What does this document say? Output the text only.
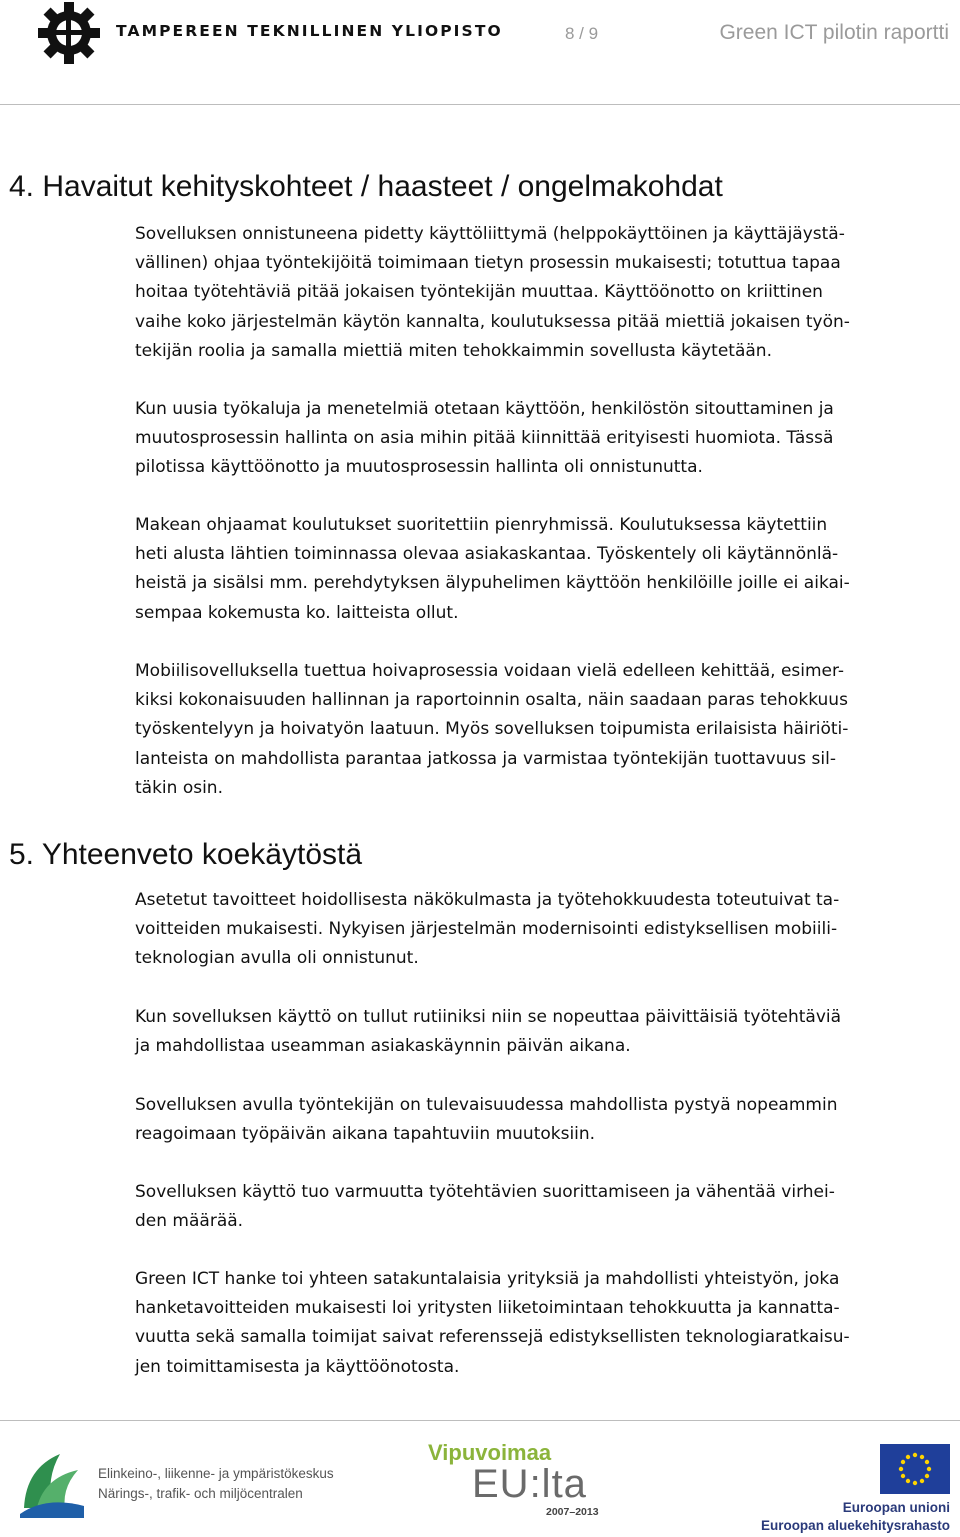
TAMPEREEN TEKNILLINEN YLIOPISTO	8 / 9	Green ICT pilotin raportti
4. Havaitut kehityskohteet / haasteet / ongelmakohdat

Sovelluksen onnistuneena pidetty käyttöliittymä (helppokäyttöinen ja käyttäjäystä-
vällinen) ohjaa työntekijöitä toimimaan tietyn prosessin mukaisesti; totuttua tapaa
hoitaa työtehtäviä pitää jokaisen työntekijän muuttaa. Käyttöönotto on kriittinen
vaihe koko järjestelmän käytön kannalta, koulutuksessa pitää miettiä jokaisen työn-
tekijän roolia ja samalla miettiä miten tehokkaimmin sovellusta käytetään.

Kun uusia työkaluja ja menetelmiä otetaan käyttöön, henkilöstön sitouttaminen ja
muutosprosessin hallinta on asia mihin pitää kiinnittää erityisesti huomiota. Tässä
pilotissa käyttöönotto ja muutosprosessin hallinta oli onnistunutta.

Makean ohjaamat koulutukset suoritettiin pienryhmissä. Koulutuksessa käytettiin
heti alusta lähtien toiminnassa olevaa asiakaskantaa. Työskentely oli käytännönlä-
heistä ja sisälsi mm. perehdytyksen älypuhelimen käyttöön henkilöille joille ei aikai-
sempaa kokemusta ko. laitteista ollut.

Mobiilisovelluksella tuettua hoivaprosessia voidaan vielä edelleen kehittää, esimer-
kiksi kokonaisuuden hallinnan ja raportoinnin osalta, näin saadaan paras tehokkuus
työskentelyyn ja hoivatyön laatuun. Myös sovelluksen toipumista erilaisista häiriöti-
lanteista on mahdollista parantaa jatkossa ja varmistaa työntekijän tuottavuus sil-
täkin osin.

5. Yhteenveto koekäytöstä

Asetetut tavoitteet hoidollisesta näkökulmasta ja työtehokkuudesta toteutuivat ta-
voitteiden mukaisesti. Nykyisen järjestelmän modernisointi edistyksellisen mobiili-
teknologian avulla oli onnistunut.

Kun sovelluksen käyttö on tullut rutiiniksi niin se nopeuttaa päivittäisiä työtehtäviä
ja mahdollistaa useamman asiakaskäynnin päivän aikana.

Sovelluksen avulla työntekijän on tulevaisuudessa mahdollista pystyä nopeammin
reagoimaan työpäivän aikana tapahtuviin muutoksiin.

Sovelluksen käyttö tuo varmuutta työtehtävien suorittamiseen ja vähentää virhei-
den määrää.

Green ICT hanke toi yhteen satakuntalaisia yrityksiä ja mahdollisti yhteistyön, joka
hanketavoitteiden mukaisesti loi yritysten liiketoimintaan tehokkuutta ja kannatta-
vuutta sekä samalla toimijat saivat referenssejä edistyksellisten teknologiaratkaisu-
jen toimittamisesta ja käyttöönotosta.

Elinkeino-, liikenne- ja ympäristökeskus
Närings-, trafik- och miljöcentralen
Vipuvoimaa
EU:lta
2007–2013	Euroopan unioni
Euroopan aluekehitysrahasto
